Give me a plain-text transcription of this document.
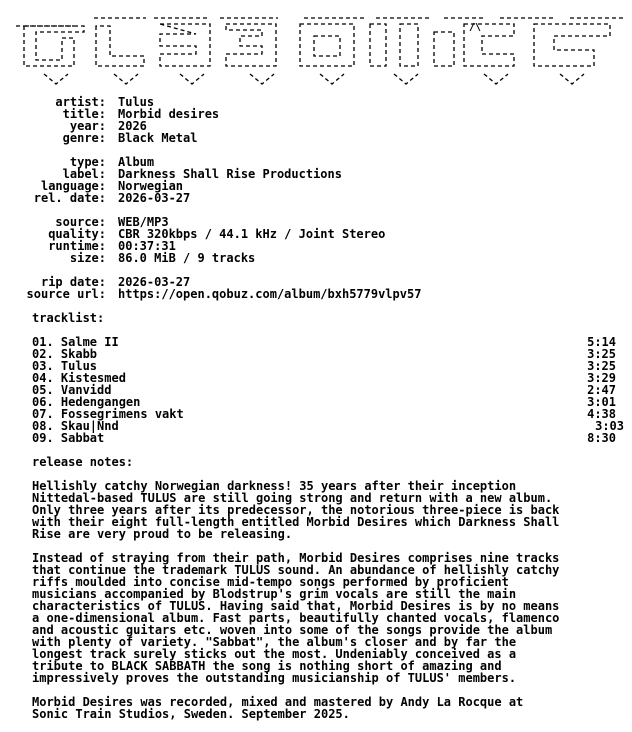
/\
artist: Tulus
title: Morbid desires
year: 2026
genre: Black Metal
type: Album
label: Darkness Shall Rise Productions
language: Norwegian
rel. date: 2026-03-27
source: WEB/MP3
quality: CBR 320kbps / 44.1 kHz / Joint Stereo
runtime: 00:37:31
size: 86.0 MiB / 9 tracks
rip date: 2026-03-27
source url: https://open.qobuz.com/album/bxh5779vlpv57
tracklist:
01. Salme II	5:14
02. Skabb	3:25
03. Tulus	3:25
04. Kistesmed	3:29
05. Vanvidd	2:47
06. Hedengangen	3:01
07. Fossegrimens vakt	4:38
08. Skau|Nnd	3:03
09. Sabbat	8:30
release notes:
Hellishly catchy Norwegian darkness! 35 years after their inception
Nittedal-based TULUS are still going strong and return with a new album.
Only three years after its predecessor, the notorious three-piece is back
with their eight full-length entitled Morbid Desires which Darkness Shall
Rise are very proud to be releasing.
Instead of straying from their path, Morbid Desires comprises nine tracks
that continue the trademark TULUS sound. An abundance of hellishly catchy
riffs moulded into concise mid-tempo songs performed by proficient
musicians accompanied by Blodstrup's grim vocals are still the main
characteristics of TULUS. Having said that, Morbid Desires is by no means
a one-dimensional album. Fast parts, beautifully chanted vocals, flamenco
and acoustic guitars etc. woven into some of the songs provide the album
with plenty of variety. "Sabbat", the album's closer and by far the
longest track surely sticks out the most. Undeniably conceived as a
tribute to BLACK SABBATH the song is nothing short of amazing and
impressively proves the outstanding musicianship of TULUS' members.
Morbid Desires was recorded, mixed and mastered by Andy La Rocque at
Sonic Train Studios, Sweden. September 2025.
